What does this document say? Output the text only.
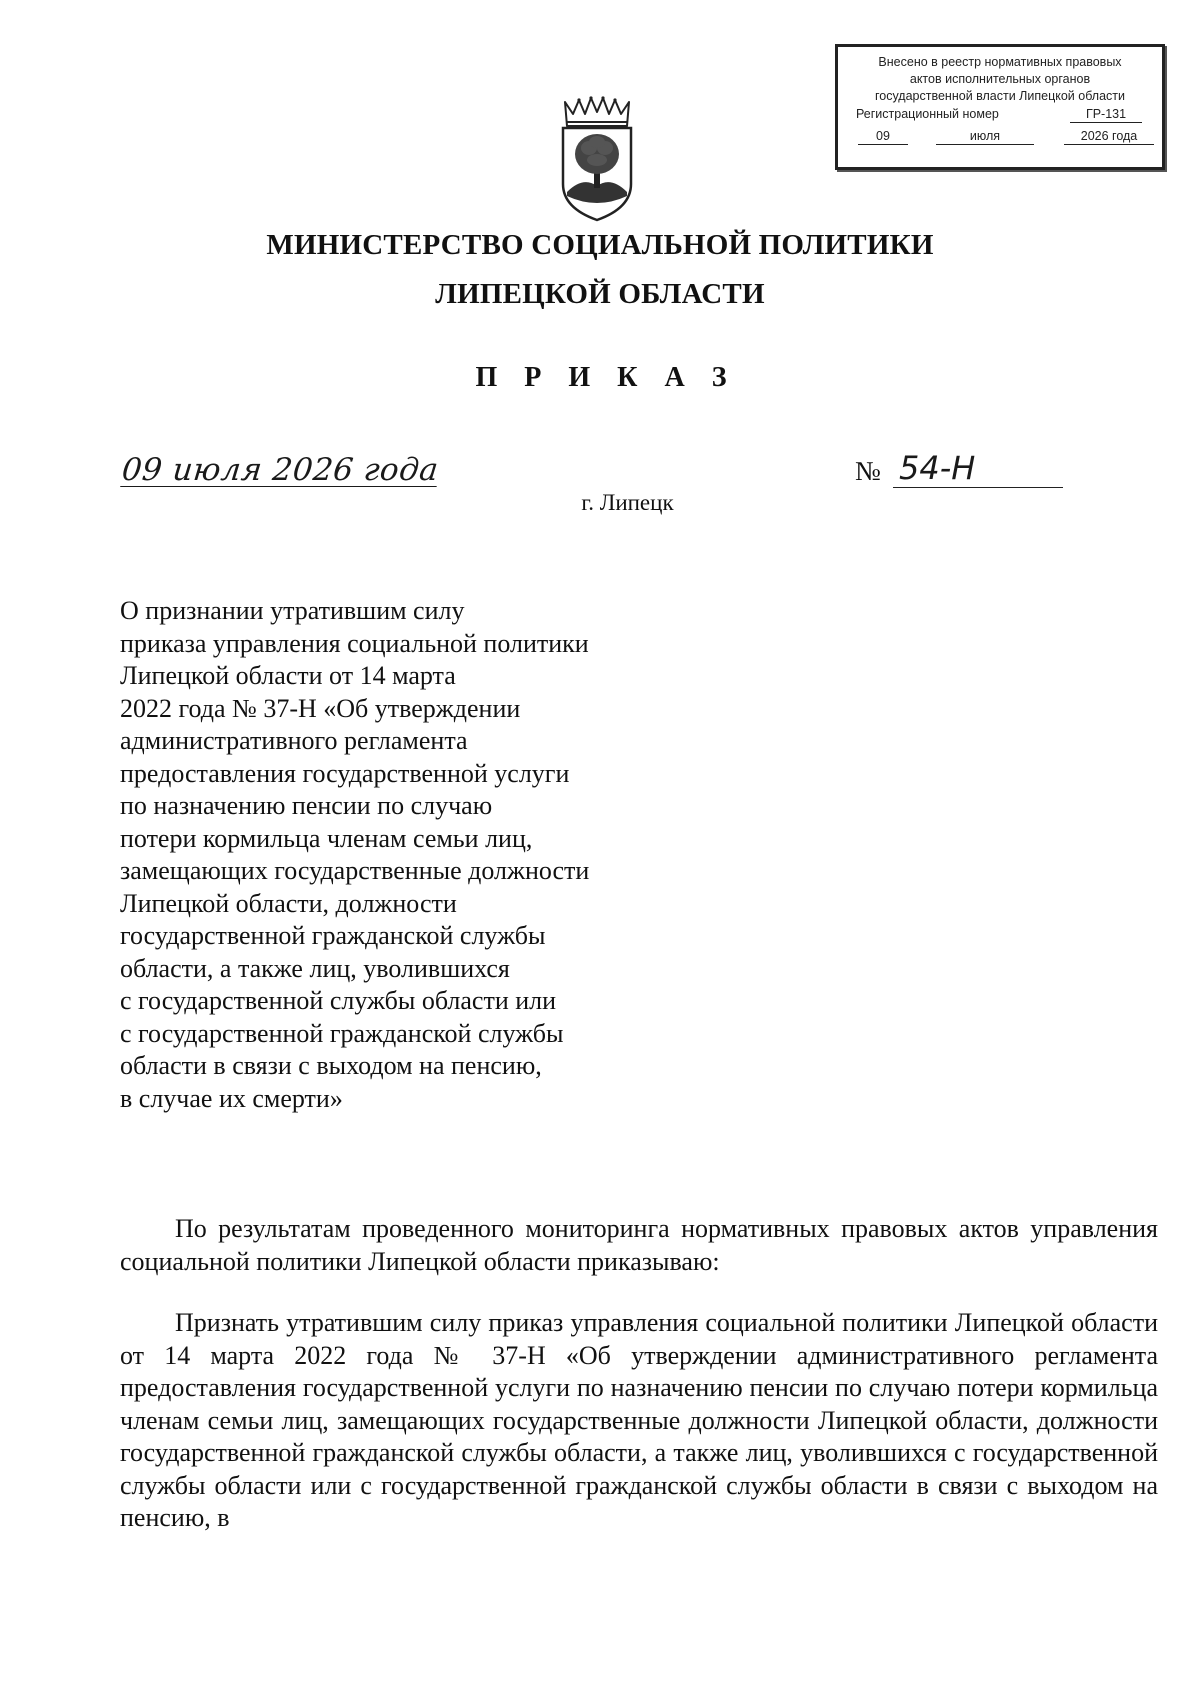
Внесено в реестр нормативных правовых
актов исполнительных органов
государственной власти Липецкой области
Регистрационный номер	ГР-131
09	июля	2026 года
МИНИСТЕРСТВО СОЦИАЛЬНОЙ ПОЛИТИКИ
ЛИПЕЦКОЙ ОБЛАСТИ
П Р И К А З
09 июля 2026 года	№ 54-Н
г. Липецк
О признании утратившим силу
приказа управления социальной политики
Липецкой области от 14 марта
2022 года № 37-Н «Об утверждении
административного регламента
предоставления государственной услуги
по назначению пенсии по случаю
потери кормильца членам семьи лиц,
замещающих государственные должности
Липецкой области, должности
государственной гражданской службы
области, а также лиц, уволившихся
с государственной службы области или
с государственной гражданской службы
области в связи с выходом на пенсию,
в случае их смерти»

По результатам проведенного мониторинга нормативных правовых актов управления социальной политики Липецкой области приказываю:

Признать утратившим силу приказ управления социальной политики Липецкой области от 14 марта 2022 года № 37-Н «Об утверждении административного регламента предоставления государственной услуги по назначению пенсии по случаю потери кормильца членам семьи лиц, замещающих государственные должности Липецкой области, должности государственной гражданской службы области, а также лиц, уволившихся с государственной службы области или с государственной гражданской службы области в связи с выходом на пенсию, в
